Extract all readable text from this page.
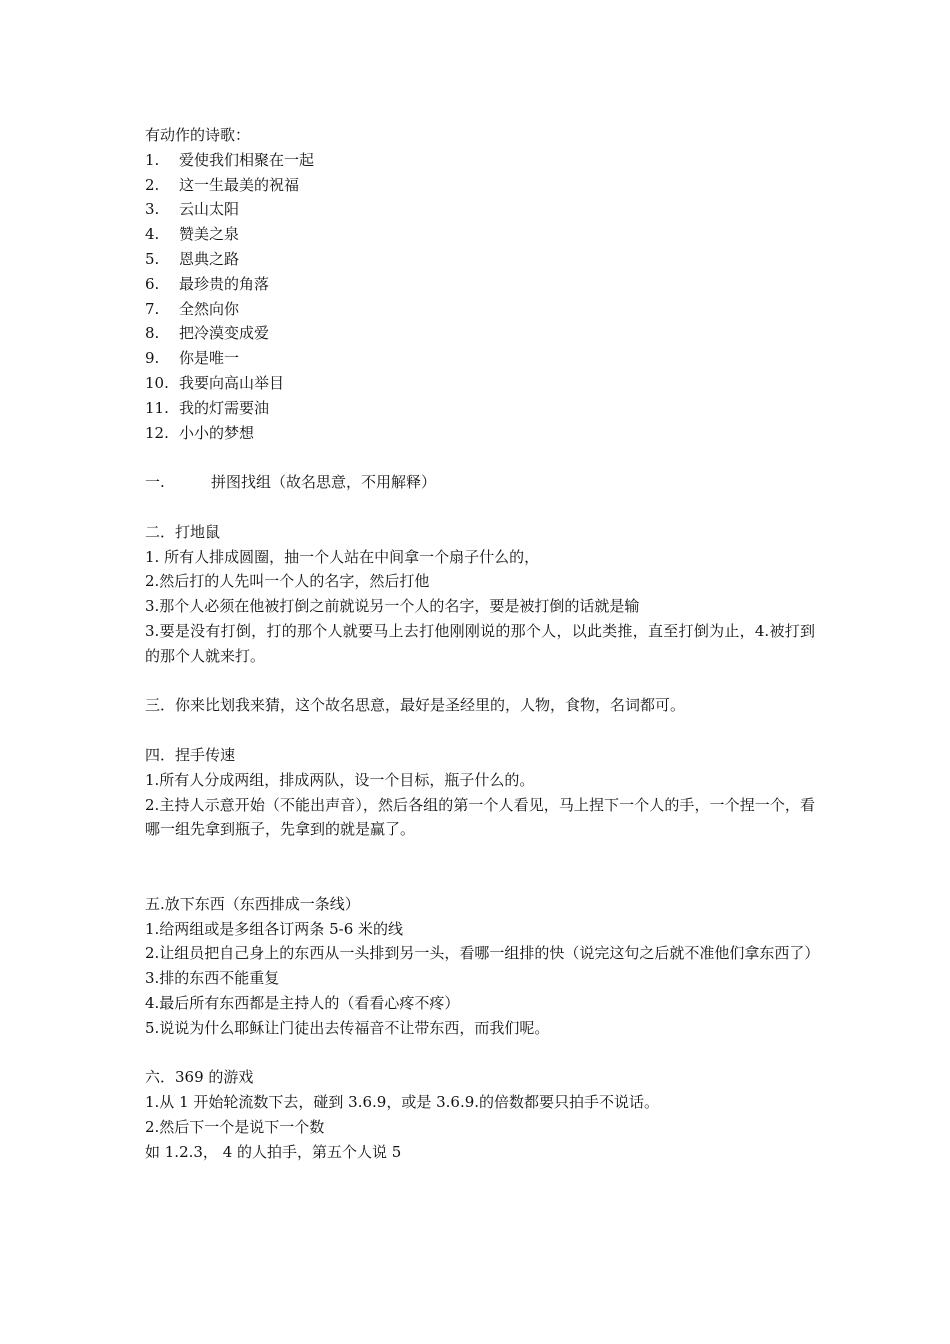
有动作的诗歌：
1.	爱使我们相聚在一起
2.	这一生最美的祝福
3.	云山太阳
4.	赞美之泉
5.	恩典之路
6.	最珍贵的角落
7.	全然向你
8.	把冷漠变成爱
9.	你是唯一
10. 我要向高山举目
11. 我的灯需要油
12. 小小的梦想
一.	拼图找组（故名思意，不用解释）
二．打地鼠
1. 所有人排成圆圈，抽一个人站在中间拿一个扇子什么的，
2.然后打的人先叫一个人的名字，然后打他
3.那个人必须在他被打倒之前就说另一个人的名字，要是被打倒的话就是输
3.要是没有打倒，打的那个人就要马上去打他刚刚说的那个人，以此类推，直至打倒为止，4.被打到的那个人就来打。
三．你来比划我来猜，这个故名思意，最好是圣经里的，人物，食物，名词都可。
四．捏手传速
1.所有人分成两组，排成两队，设一个目标，瓶子什么的。
2.主持人示意开始（不能出声音），然后各组的第一个人看见，马上捏下一个人的手，一个捏一个，看哪一组先拿到瓶子，先拿到的就是赢了。
五.放下东西（东西排成一条线）
1.给两组或是多组各订两条 5-6 米的线
2.让组员把自己身上的东西从一头排到另一头，看哪一组排的快（说完这句之后就不准他们拿东西了）
3.排的东西不能重复
4.最后所有东西都是主持人的（看看心疼不疼）
5.说说为什么耶稣让门徒出去传福音不让带东西，而我们呢。
六．369 的游戏
1.从 1 开始轮流数下去，碰到 3.6.9，或是 3.6.9.的倍数都要只拍手不说话。
2.然后下一个是说下一个数
如 1.2.3， 4 的人拍手，第五个人说 5
